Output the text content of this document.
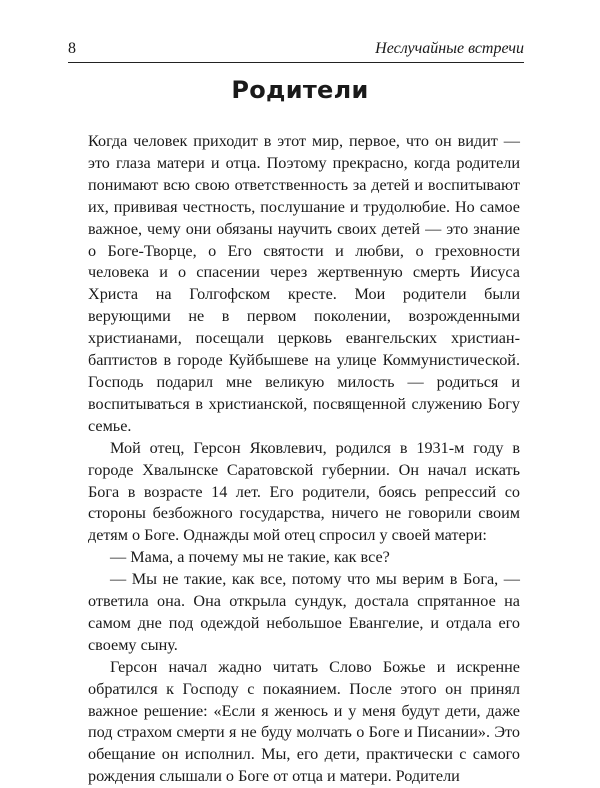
8	Неслучайные встречи
Родители

Когда человек приходит в этот мир, первое, что он видит — это глаза матери и отца. Поэтому прекрасно, когда родители понимают всю свою ответственность за детей и воспитывают их, прививая честность, послушание и трудолюбие. Но самое важное, чему они обязаны научить своих детей — это знание о Боге-Творце, о Его святости и любви, о греховности человека и о спасении через жертвенную смерть Иисуса Христа на Голгофском кресте. Мои родители были верующими не в первом поколении, возрожденными христианами, посещали церковь евангельских христиан-баптистов в городе Куйбышеве на улице Коммунистической. Господь подарил мне великую милость — родиться и воспитываться в христианской, посвященной служению Богу семье.

Мой отец, Герсон Яковлевич, родился в 1931-м году в городе Хвалынске Саратовской губернии. Он начал искать Бога в возрасте 14 лет. Его родители, боясь репрессий со стороны безбожного государства, ничего не говорили своим детям о Боге. Однажды мой отец спросил у своей матери:

— Мама, а почему мы не такие, как все?

— Мы не такие, как все, потому что мы верим в Бога, — ответила она. Она открыла сундук, достала спрятанное на самом дне под одеждой небольшое Евангелие, и отдала его своему сыну.

Герсон начал жадно читать Слово Божье и искренне обратился к Господу с покаянием. После этого он принял важное решение: «Если я женюсь и у меня будут дети, даже под страхом смерти я не буду молчать о Боге и Писании». Это обещание он исполнил. Мы, его дети, практически с самого рождения слышали о Боге от отца и матери. Родители
